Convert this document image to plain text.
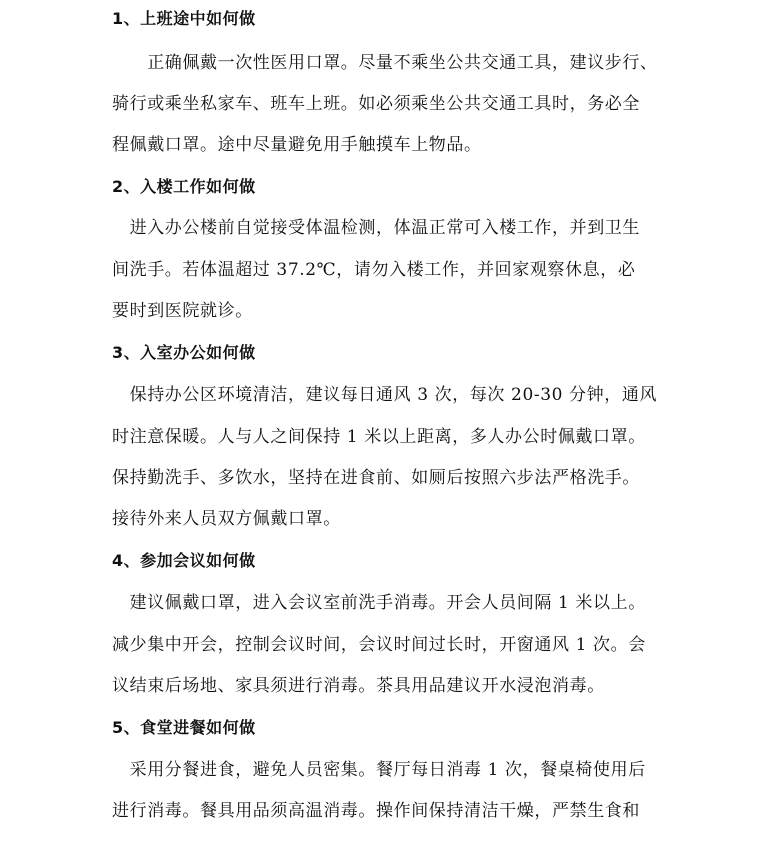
1、上班途中如何做
　　正确佩戴一次性医用口罩。尽量不乘坐公共交通工具，建议步行、
骑行或乘坐私家车、班车上班。如必须乘坐公共交通工具时，务必全
程佩戴口罩。途中尽量避免用手触摸车上物品。
2、入楼工作如何做
　进入办公楼前自觉接受体温检测，体温正常可入楼工作，并到卫生
间洗手。若体温超过 37.2℃，请勿入楼工作，并回家观察休息，必
要时到医院就诊。
3、入室办公如何做
　保持办公区环境清洁，建议每日通风 3 次，每次 20-30 分钟，通风
时注意保暖。人与人之间保持 1 米以上距离，多人办公时佩戴口罩。
保持勤洗手、多饮水，坚持在进食前、如厕后按照六步法严格洗手。
接待外来人员双方佩戴口罩。
4、参加会议如何做
　建议佩戴口罩，进入会议室前洗手消毒。开会人员间隔 1 米以上。
减少集中开会，控制会议时间，会议时间过长时，开窗通风 1 次。会
议结束后场地、家具须进行消毒。茶具用品建议开水浸泡消毒。
5、食堂进餐如何做
　采用分餐进食，避免人员密集。餐厅每日消毒 1 次，餐桌椅使用后
进行消毒。餐具用品须高温消毒。操作间保持清洁干燥，严禁生食和
